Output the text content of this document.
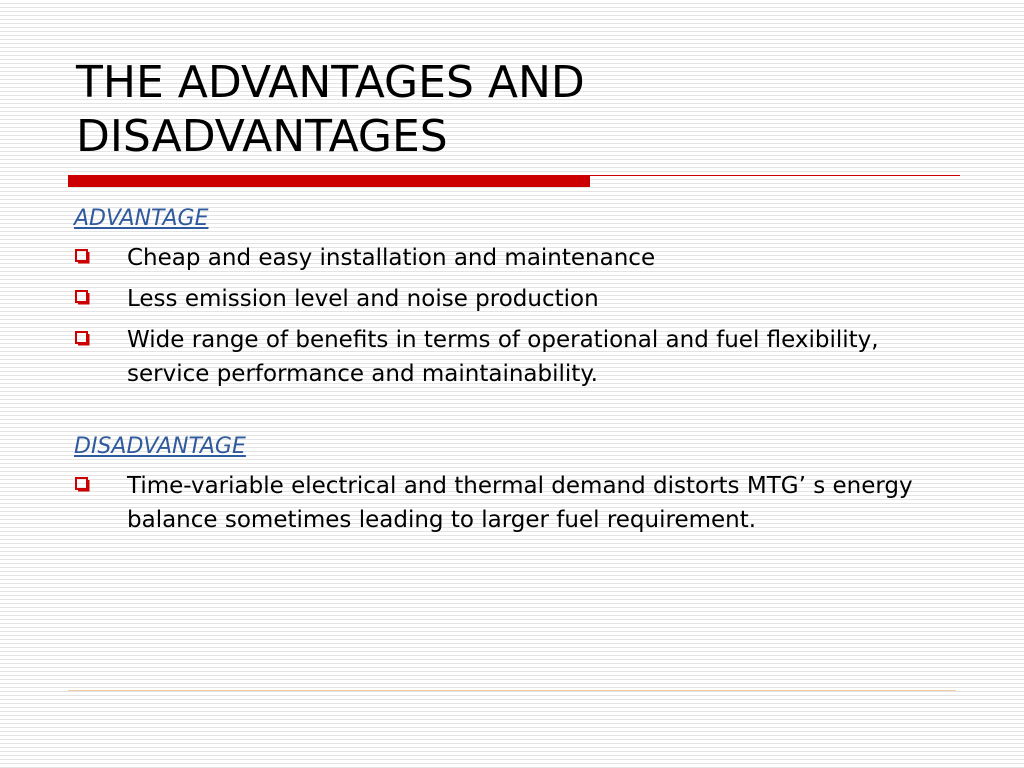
THE ADVANTAGES AND
DISADVANTAGES
ADVANTAGE
Cheap and easy installation and maintenance
Less emission level and noise production
Wide range of benefits in terms of operational and fuel flexibility, service performance and maintainability.
DISADVANTAGE
Time-variable electrical and thermal demand distorts MTG’ s energy balance sometimes leading to larger fuel requirement.
